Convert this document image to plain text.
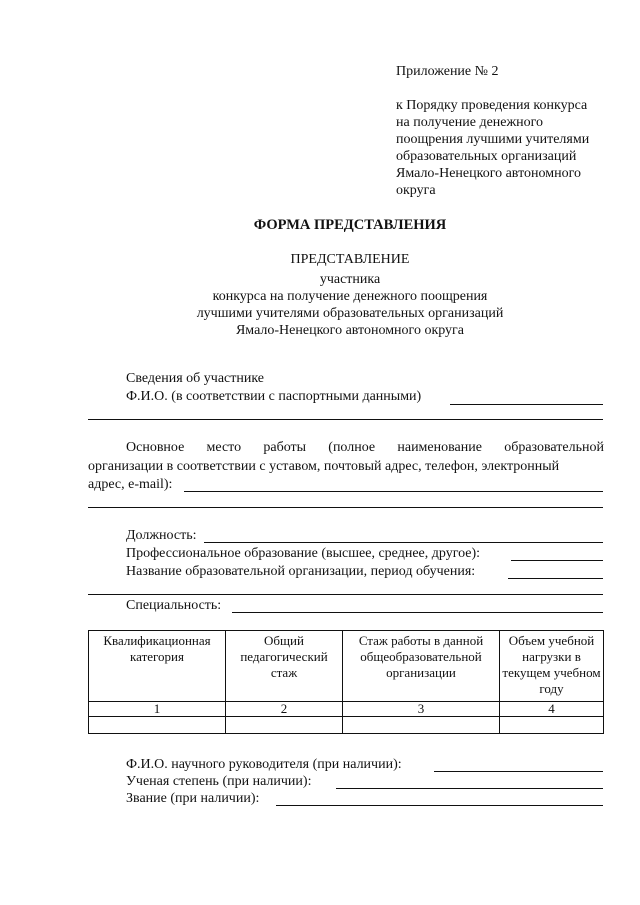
Приложение № 2
к Порядку проведения конкурса
на получение денежного
поощрения лучшими учителями
образовательных организаций
Ямало-Ненецкого автономного
округа
ФОРМА ПРЕДСТАВЛЕНИЯ
ПРЕДСТАВЛЕНИЕ
участника
конкурса на получение денежного поощрения
лучшими учителями образовательных организаций
Ямало-Ненецкого автономного округа
Сведения об участнике
Ф.И.О. (в соответствии с паспортными данными)
Основное место работы (полное наименование образовательной
организации в соответствии с уставом, почтовый адрес, телефон, электронный
адрес, e-mail):
Должность:
Профессиональное образование (высшее, среднее, другое):
Название образовательной организации, период обучения:
Специальность:
Квалификационная категория	Общий педагогический стаж	Стаж работы в данной общеобразовательной организации	Объем учебной нагрузки в текущем учебном году
1	2	3	4

Ф.И.О. научного руководителя (при наличии):
Ученая степень (при наличии):
Звание (при наличии):
